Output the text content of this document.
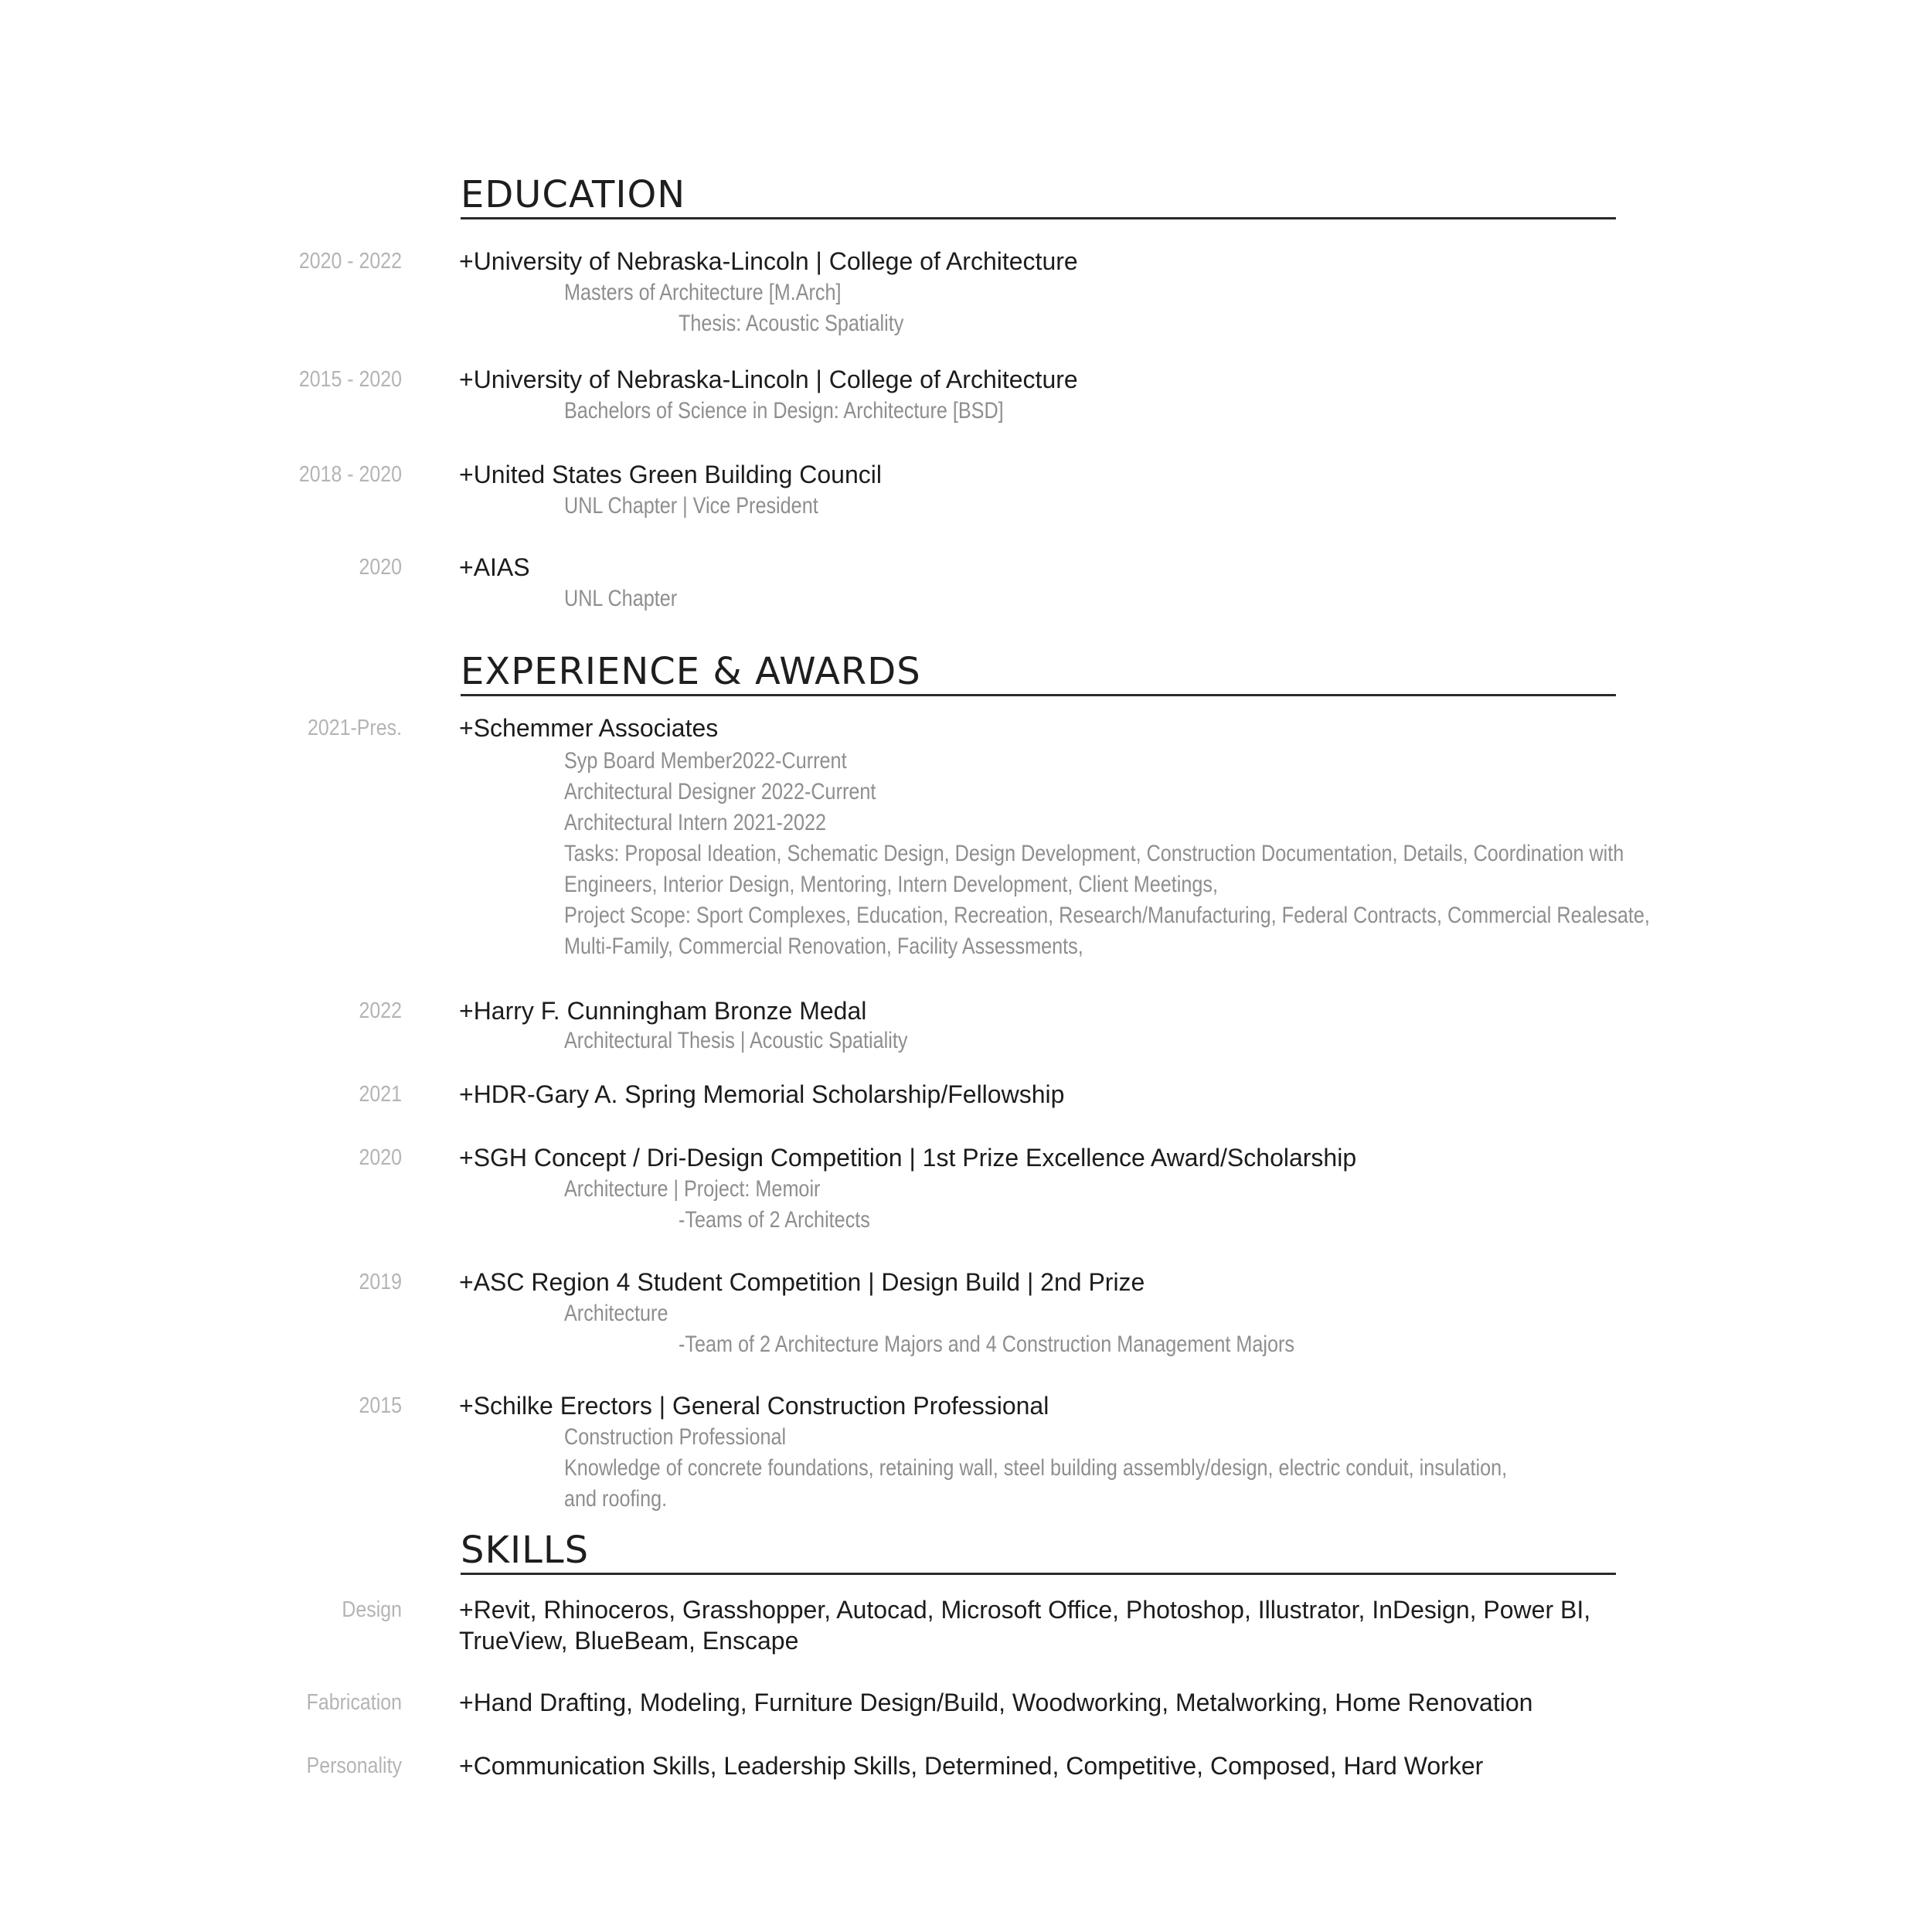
EDUCATION
2020 - 2022 +University of Nebraska-Lincoln | College of Architecture
Masters of Architecture [M.Arch]
Thesis: Acoustic Spatiality
2015 - 2020 +University of Nebraska-Lincoln | College of Architecture
Bachelors of Science in Design: Architecture [BSD]
2018 - 2020 +United States Green Building Council
UNL Chapter | Vice President
2020 +AIAS
UNL Chapter
EXPERIENCE & AWARDS
2021-Pres. +Schemmer Associates
Syp Board Member2022-Current
Architectural Designer 2022-Current
Architectural Intern 2021-2022
Tasks: Proposal Ideation, Schematic Design, Design Development, Construction Documentation, Details, Coordination with
Engineers, Interior Design, Mentoring, Intern Development, Client Meetings,
Project Scope: Sport Complexes, Education, Recreation, Research/Manufacturing, Federal Contracts, Commercial Realesate,
Multi-Family, Commercial Renovation, Facility Assessments,
2022 +Harry F. Cunningham Bronze Medal
Architectural Thesis | Acoustic Spatiality
2021 +HDR-Gary A. Spring Memorial Scholarship/Fellowship
2020 +SGH Concept / Dri-Design Competition | 1st Prize Excellence Award/Scholarship
Architecture | Project: Memoir
-Teams of 2 Architects
2019 +ASC Region 4 Student Competition | Design Build | 2nd Prize
Architecture
-Team of 2 Architecture Majors and 4 Construction Management Majors
2015 +Schilke Erectors | General Construction Professional
Construction Professional
Knowledge of concrete foundations, retaining wall, steel building assembly/design, electric conduit, insulation,
and roofing.
SKILLS
Design +Revit, Rhinoceros, Grasshopper, Autocad, Microsoft Office, Photoshop, Illustrator, InDesign, Power BI,
TrueView, BlueBeam, Enscape
Fabrication +Hand Drafting, Modeling, Furniture Design/Build, Woodworking, Metalworking, Home Renovation
Personality +Communication Skills, Leadership Skills, Determined, Competitive, Composed, Hard Worker
